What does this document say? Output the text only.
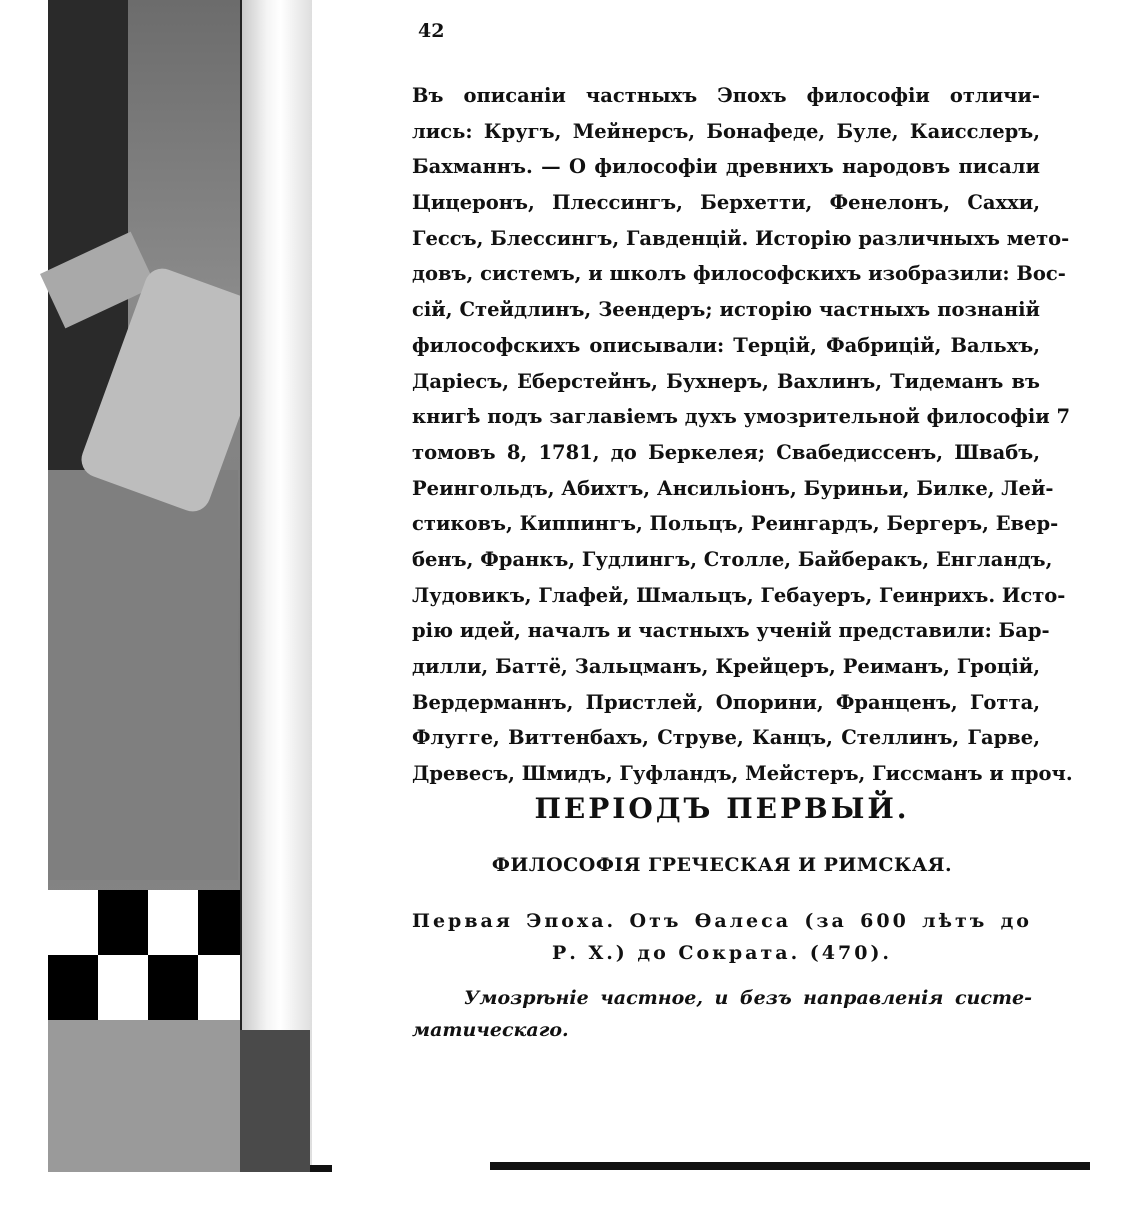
42
Въ описаніи частныхъ Эпохъ философіи отличи-
лись: Кругъ, Мейнерсъ, Бонафеде, Буле, Каисслеръ,
Бахманнъ. — О философіи древнихъ народовъ писали
Цицеронъ, Плессингъ, Берхетти, Фенелонъ, Сахxи,
Гессъ, Блессингъ, Гавденцій. Исторію различныхъ мето-
довъ, системъ, и школъ философскихъ изобразили: Вос-
сій, Стейдлинъ, Зеендеръ; исторію частныхъ познаній
философскихъ описывали: Терцій, Фабрицій, Вальхъ,
Даріесъ, Еберстейнъ, Бухнеръ, Вахлинъ, Тидеманъ въ
книгѣ подъ заглавіемъ духъ умозрительной философіи 7
томовъ 8, 1781, до Беркелея; Свабедиссенъ, Швабъ,
Реингольдъ, Абихтъ, Ансильіонъ, Буриньи, Билке, Лей-
стиковъ, Киппингъ, Польцъ, Реингардъ, Бергеръ, Евер-
бенъ, Франкъ, Гудлингъ, Столле, Байберакъ, Енгландъ,
Лудовикъ, Глафей, Шмальцъ, Гебауеръ, Геинрихъ. Исто-
рію идей, началъ и частныхъ ученій представили: Бар-
дилли, Баттё, Зальцманъ, Крейцеръ, Реиманъ, Гроцій,
Вердерманнъ, Пристлей, Опорини, Франценъ, Готта,
Флугге, Виттенбахъ, Струве, Канцъ, Стеллинъ, Гарве,
Древесъ, Шмидъ, Гуфландъ, Мейстеръ, Гиссманъ и проч.
ПЕРІОДЪ ПЕРВЫЙ.
ФИЛОСОФІЯ ГРЕЧЕСКАЯ И РИМСКАЯ.
Первая Эпоха. Отъ Өалеса (за 600 лѣтъ до
Р. Х.) до Сократа. (470).
Умозрѣніе частное, и безъ направленія систе-
матическаго.
